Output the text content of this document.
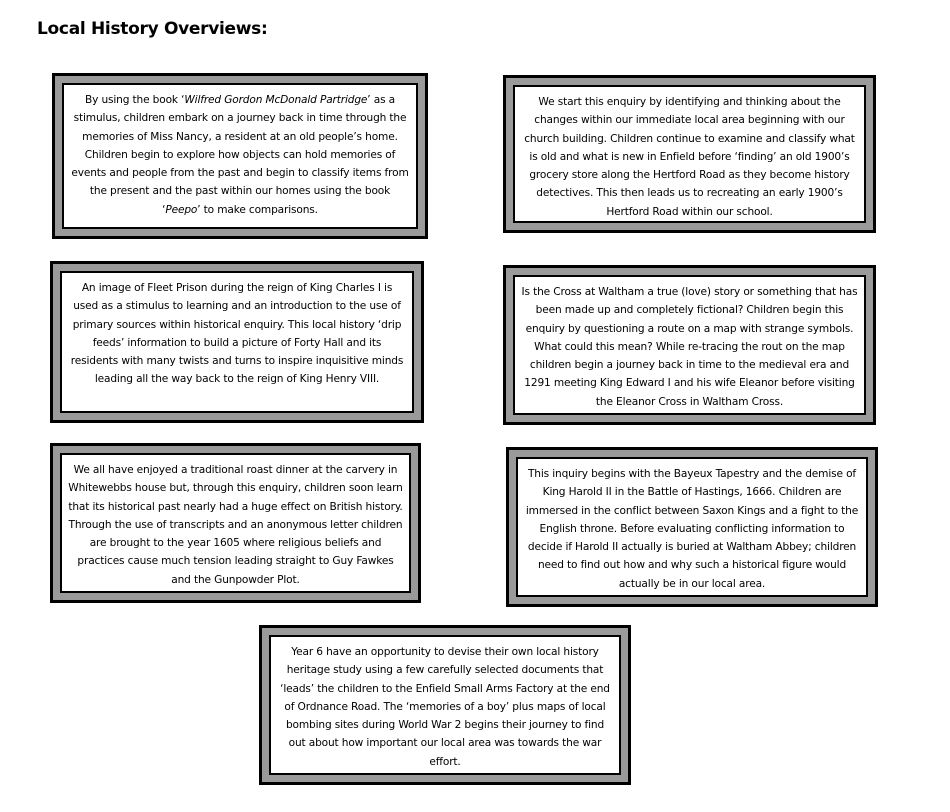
Local History Overviews:

By using the book ‘Wilfred Gordon McDonald Partridge’ as a stimulus, children embark on a journey back in time through the memories of Miss Nancy, a resident at an old people’s home. Children begin to explore how objects can hold memories of events and people from the past and begin to classify items from the present and the past within our homes using the book ‘Peepo’ to make comparisons.

We start this enquiry by identifying and thinking about the changes within our immediate local area beginning with our church building. Children continue to examine and classify what is old and what is new in Enfield before ‘finding’ an old 1900’s grocery store along the Hertford Road as they become history detectives. This then leads us to recreating an early 1900’s Hertford Road within our school.

An image of Fleet Prison during the reign of King Charles I is used as a stimulus to learning and an introduction to the use of primary sources within historical enquiry. This local history ‘drip feeds’ information to build a picture of Forty Hall and its residents with many twists and turns to inspire inquisitive minds leading all the way back to the reign of King Henry VIII.

Is the Cross at Waltham a true (love) story or something that has been made up and completely fictional? Children begin this enquiry by questioning a route on a map with strange symbols. What could this mean? While re-tracing the rout on the map children begin a journey back in time to the medieval era and 1291 meeting King Edward I and his wife Eleanor before visiting the Eleanor Cross in Waltham Cross.

We all have enjoyed a traditional roast dinner at the carvery in Whitewebbs house but, through this enquiry, children soon learn that its historical past nearly had a huge effect on British history. Through the use of transcripts and an anonymous letter children are brought to the year 1605 where religious beliefs and practices cause much tension leading straight to Guy Fawkes and the Gunpowder Plot.

This inquiry begins with the Bayeux Tapestry and the demise of King Harold II in the Battle of Hastings, 1666. Children are immersed in the conflict between Saxon Kings and a fight to the English throne. Before evaluating conflicting information to decide if Harold II actually is buried at Waltham Abbey; children need to find out how and why such a historical figure would actually be in our local area.

Year 6 have an opportunity to devise their own local history heritage study using a few carefully selected documents that ‘leads’ the children to the Enfield Small Arms Factory at the end of Ordnance Road. The ‘memories of a boy’ plus maps of local bombing sites during World War 2 begins their journey to find out about how important our local area was towards the war effort.
